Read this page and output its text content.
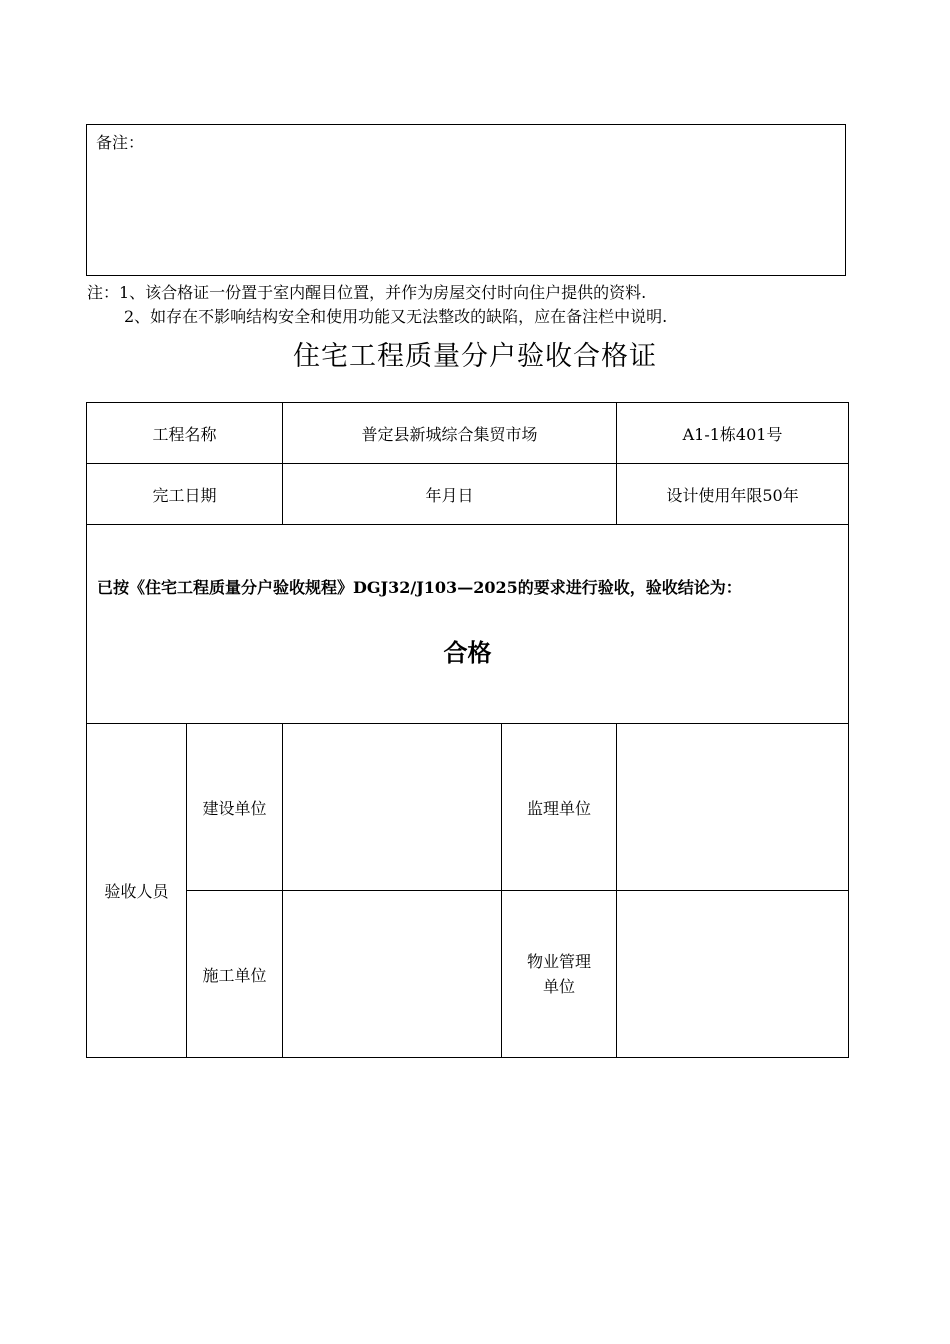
备注：
注：1、该合格证一份置于室内醒目位置，并作为房屋交付时向住户提供的资料.
2、如存在不影响结构安全和使用功能又无法整改的缺陷，应在备注栏中说明.
住宅工程质量分户验收合格证
工程名称		普定县新城综合集贸市场		A1-1栋401号
完工日期		年月日		设计使用年限50年

已按《住宅工程质量分户验收规程》DGJ32/J103—2025的要求进行验收，验收结论为：
合格				

验收人员	建设单位		监理单位	
	施工单位		物业管理
单位	
